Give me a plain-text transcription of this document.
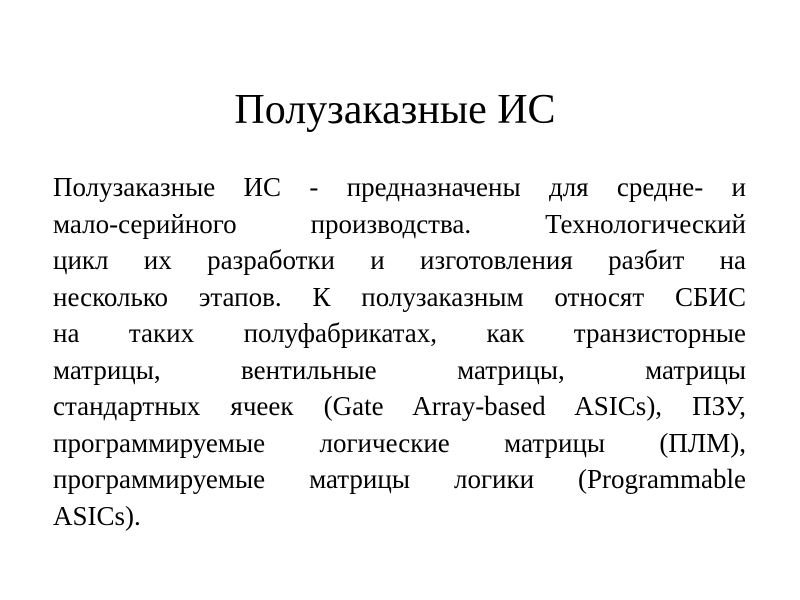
Полузаказные ИС
Полузаказные ИС - предназначены для средне- и
мало-серийного производства. Технологический
цикл их разработки и изготовления разбит на
несколько этапов. К полузаказным относят СБИС
на таких полуфабрикатах, как транзисторные
матрицы, вентильные матрицы, матрицы
стандартных ячеек (Gate Array-based ASICs), ПЗУ,
программируемые логические матрицы (ПЛМ),
программируемые матрицы логики (Programmable
ASICs).
